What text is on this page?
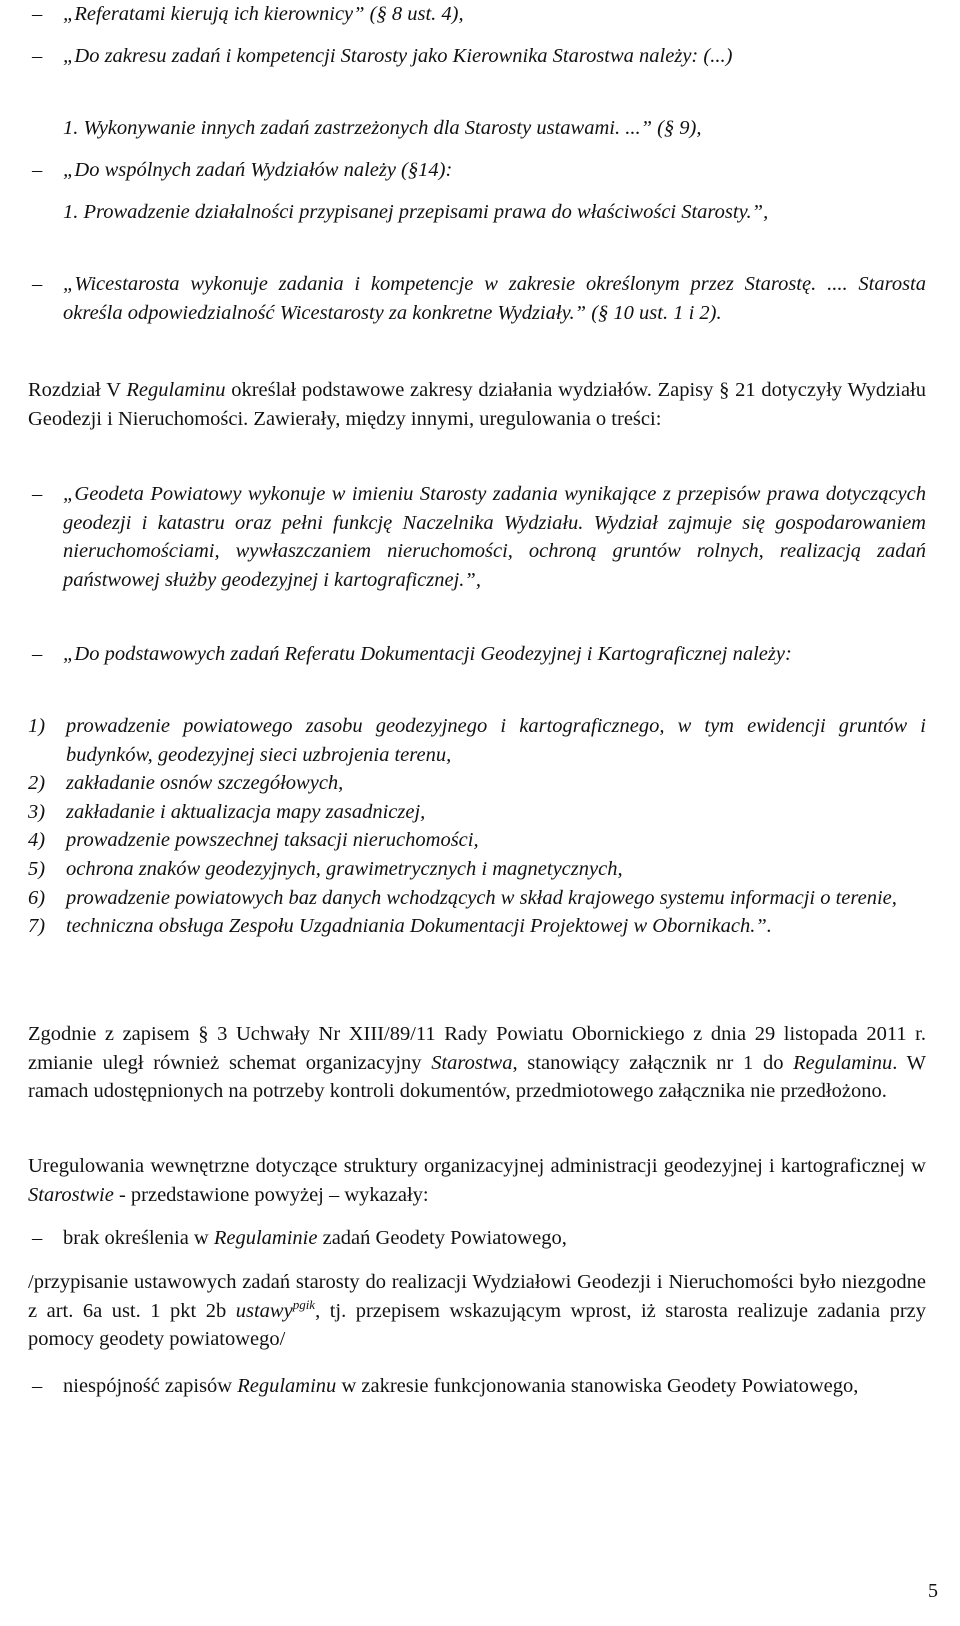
– „Referatami kierują ich kierownicy” (§ 8 ust. 4),
– „Do zakresu zadań i kompetencji Starosty jako Kierownika Starostwa należy: (...)
1. Wykonywanie innych zadań zastrzeżonych dla Starosty ustawami. ...” (§ 9),
– „Do wspólnych zadań Wydziałów należy (§14):
1. Prowadzenie działalności przypisanej przepisami prawa do właściwości Starosty.”,
– „Wicestarosta wykonuje zadania i kompetencje w zakresie określonym przez Starostę. .... Starosta określa odpowiedzialność Wicestarosty za konkretne Wydziały.” (§ 10 ust. 1 i 2).
Rozdział V Regulaminu określał podstawowe zakresy działania wydziałów. Zapisy § 21 dotyczyły Wydziału Geodezji i Nieruchomości. Zawierały, między innymi, uregulowania o treści:
– „Geodeta Powiatowy wykonuje w imieniu Starosty zadania wynikające z przepisów prawa dotyczących geodezji i katastru oraz pełni funkcję Naczelnika Wydziału. Wydział zajmuje się gospodarowaniem nieruchomościami, wywłaszczaniem nieruchomości, ochroną gruntów rolnych, realizacją zadań państwowej służby geodezyjnej i kartograficznej.”,
– „Do podstawowych zadań Referatu Dokumentacji Geodezyjnej i Kartograficznej należy:
1) prowadzenie powiatowego zasobu geodezyjnego i kartograficznego, w tym ewidencji gruntów i budynków, geodezyjnej sieci uzbrojenia terenu,
2) zakładanie osnów szczegółowych,
3) zakładanie i aktualizacja mapy zasadniczej,
4) prowadzenie powszechnej taksacji nieruchomości,
5) ochrona znaków geodezyjnych, grawimetrycznych i magnetycznych,
6) prowadzenie powiatowych baz danych wchodzących w skład krajowego systemu informacji o terenie,
7) techniczna obsługa Zespołu Uzgadniania Dokumentacji Projektowej w Obornikach.”.
Zgodnie z zapisem § 3 Uchwały Nr XIII/89/11 Rady Powiatu Obornickiego z dnia 29 listopada 2011 r. zmianie uległ również schemat organizacyjny Starostwa, stanowiący załącznik nr 1 do Regulaminu. W ramach udostępnionych na potrzeby kontroli dokumentów, przedmiotowego załącznika nie przedłożono.
Uregulowania wewnętrzne dotyczące struktury organizacyjnej administracji geodezyjnej i kartograficznej w Starostwie - przedstawione powyżej – wykazały:
– brak określenia w Regulaminie zadań Geodety Powiatowego,
/przypisanie ustawowych zadań starosty do realizacji Wydziałowi Geodezji i Nieruchomości było niezgodne z art. 6a ust. 1 pkt 2b ustawy$^{pgik}$, tj. przepisem wskazującym wprost, iż starosta realizuje zadania przy pomocy geodety powiatowego/
– niespójność zapisów Regulaminu w zakresie funkcjonowania stanowiska Geodety Powiatowego,
5
